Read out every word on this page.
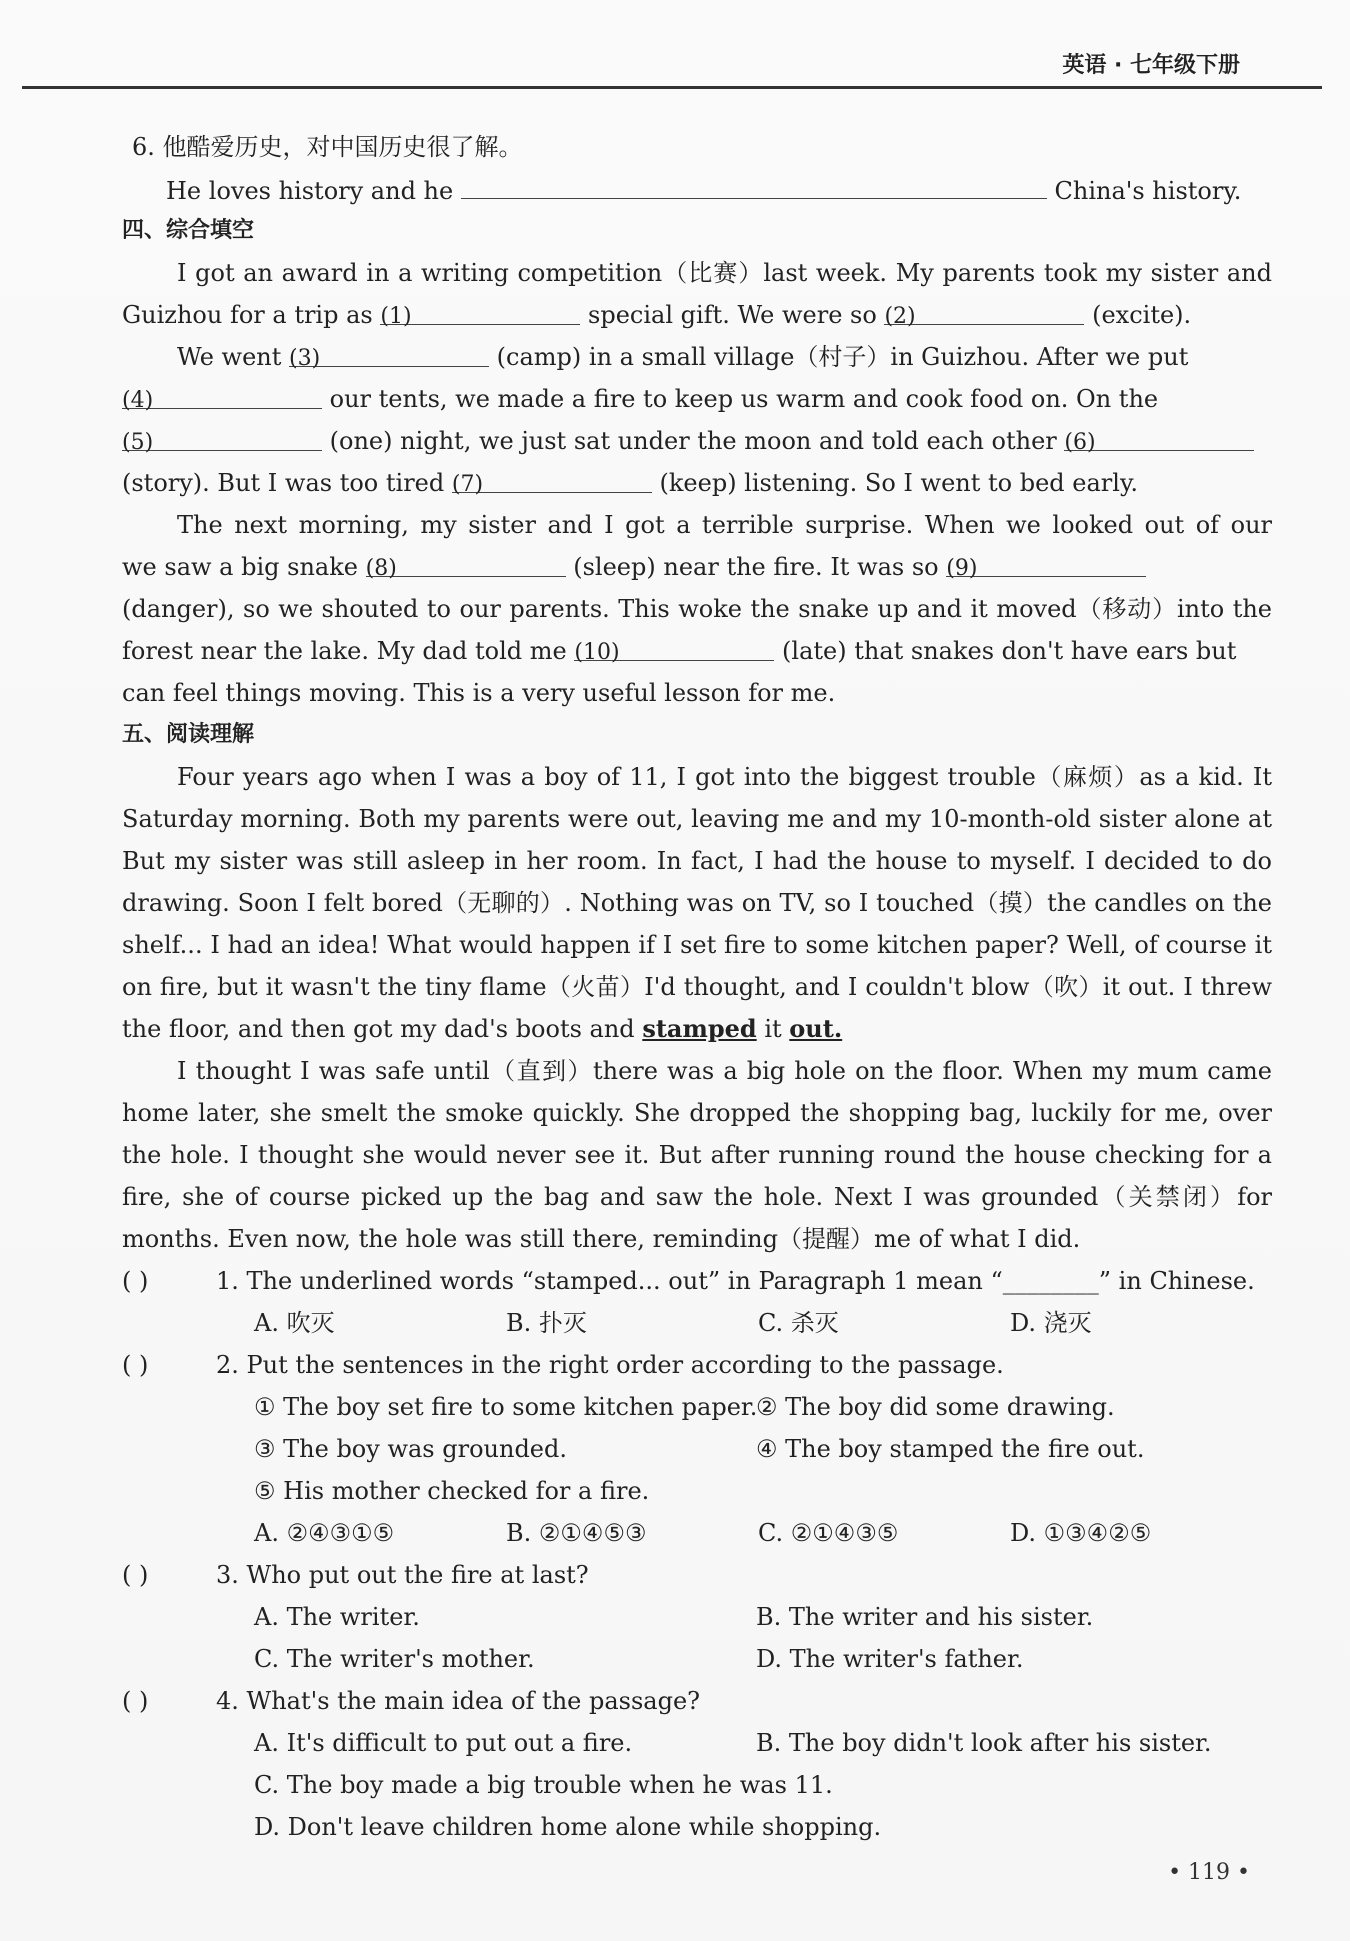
英语 · 七年级下册
6. 他酷爱历史，对中国历史很了解。
He loves history and he	China's history.
四、综合填空
I got an award in a writing competition（比赛）last week. My parents took my sister and
Guizhou for a trip as (1)	special gift. We were so (2)	(excite).
We went (3)	(camp) in a small village（村子）in Guizhou. After we put
(4)	our tents, we made a fire to keep us warm and cook food on. On the
(5)	(one) night, we just sat under the moon and told each other (6)
(story). But I was too tired (7)	(keep) listening. So I went to bed early.
The next morning, my sister and I got a terrible surprise. When we looked out of our
we saw a big snake (8)	(sleep) near the fire. It was so (9)
(danger), so we shouted to our parents. This woke the snake up and it moved（移动）into the
forest near the lake. My dad told me (10)	(late) that snakes don't have ears but
can feel things moving. This is a very useful lesson for me.
五、阅读理解
Four years ago when I was a boy of 11, I got into the biggest trouble（麻烦）as a kid. It
Saturday morning. Both my parents were out, leaving me and my 10-month-old sister alone at
But my sister was still asleep in her room. In fact, I had the house to myself. I decided to do
drawing. Soon I felt bored（无聊的）. Nothing was on TV, so I touched（摸）the candles on the
shelf... I had an idea! What would happen if I set fire to some kitchen paper? Well, of course it
on fire, but it wasn't the tiny flame（火苗）I'd thought, and I couldn't blow（吹）it out. I threw
the floor, and then got my dad's boots and stamped it out.
I thought I was safe until（直到）there was a big hole on the floor. When my mum came
home later, she smelt the smoke quickly. She dropped the shopping bag, luckily for me, over
the hole. I thought she would never see it. But after running round the house checking for a
fire, she of course picked up the bag and saw the hole. Next I was grounded（关禁闭）for
months. Even now, the hole was still there, reminding（提醒）me of what I did.
( )	1. The underlined words “stamped... out” in Paragraph 1 mean “________” in Chinese.
A. 吹灭	B. 扑灭	C. 杀灭	D. 浇灭
( )	2. Put the sentences in the right order according to the passage.
① The boy set fire to some kitchen paper.② The boy did some drawing.
③ The boy was grounded.	④ The boy stamped the fire out.
⑤ His mother checked for a fire.
A. ②④③①⑤	B. ②①④⑤③	C. ②①④③⑤	D. ①③④②⑤
( )	3. Who put out the fire at last?
A. The writer.	B. The writer and his sister.
C. The writer's mother.	D. The writer's father.
( )	4. What's the main idea of the passage?
A. It's difficult to put out a fire.	B. The boy didn't look after his sister.
C. The boy made a big trouble when he was 11.
D. Don't leave children home alone while shopping.
• 119 •
